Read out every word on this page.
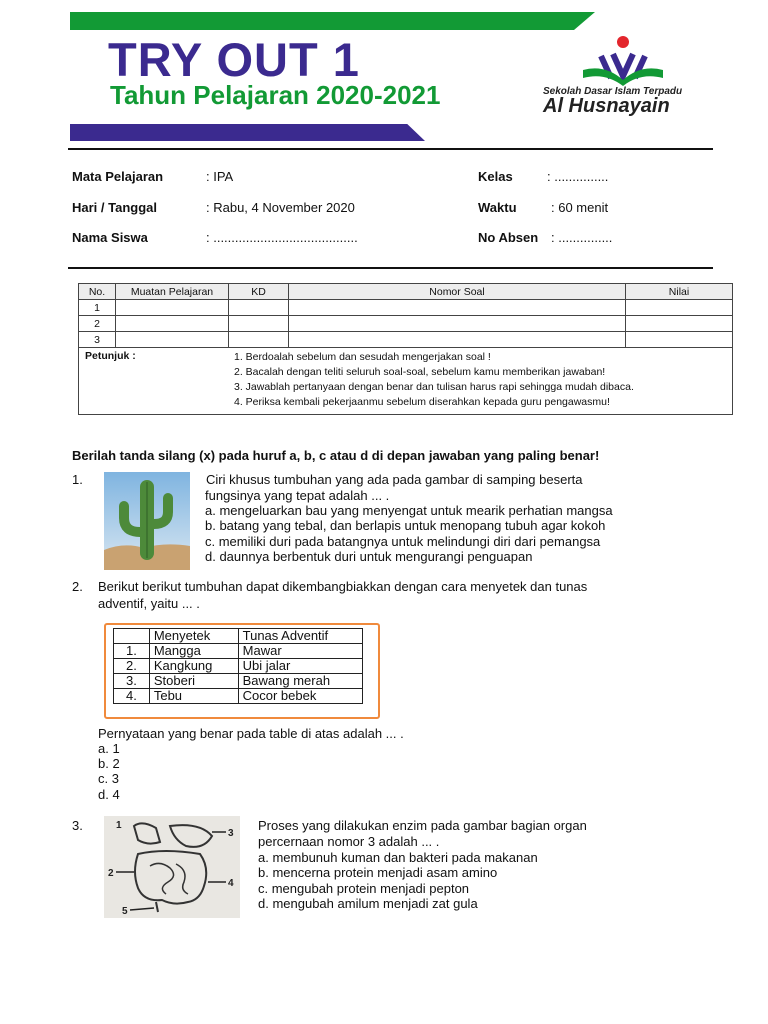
TRY OUT 1
Tahun Pelajaran 2020-2021	Sekolah Dasar Islam Terpadu
Al Husnayain
Mata Pelajaran	: IPA
Hari / Tanggal	: Rabu, 4 November 2020
Nama Siswa	: ........................................
Kelas	: ...............
Waktu	: 60 menit
No Absen : ...............
No.	Muatan Pelajaran	KD	Nomor Soal	Nilai
1				
2				
3				

Petunjuk : 1. Berdoalah sebelum dan sesudah mengerjakan soal !
2. Bacalah dengan teliti seluruh soal-soal, sebelum kamu memberikan jawaban!
3. Jawablah pertanyaan dengan benar dan tulisan harus rapi sehingga mudah dibaca.
4. Periksa kembali pekerjaanmu sebelum diserahkan kepada guru pengawasmu!				
Berilah tanda silang (x) pada huruf a, b, c atau d di depan jawaban yang paling benar!
1.	Ciri khusus tumbuhan yang ada pada gambar di samping beserta
fungsinya yang tepat adalah ... .
a. mengeluarkan bau yang menyengat untuk mearik perhatian mangsa
b. batang yang tebal, dan berlapis untuk menopang tubuh agar kokoh
c. memiliki duri pada batangnya untuk melindungi diri dari pemangsa
d. daunnya berbentuk duri untuk mengurangi penguapan
2. Berikut berikut tumbuhan dapat dikembangbiakkan dengan cara menyetek dan tunas
adventif, yaitu ... .
	Menyetek	Tunas Adventif
1.	Mangga	Mawar
2.	Kangkung	Ubi jalar
3.	Stoberi	Bawang merah
4.	Tebu	Cocor bebek
Pernyataan yang benar pada table di atas adalah ... .
a. 1
b. 2
c. 3
d. 4
3.	1
2
3
4
5
Proses yang dilakukan enzim pada gambar bagian organ
percernaan nomor 3 adalah ... .
a. membunuh kuman dan bakteri pada makanan
b. mencerna protein menjadi asam amino
c. mengubah protein menjadi pepton
d. mengubah amilum menjadi zat gula
